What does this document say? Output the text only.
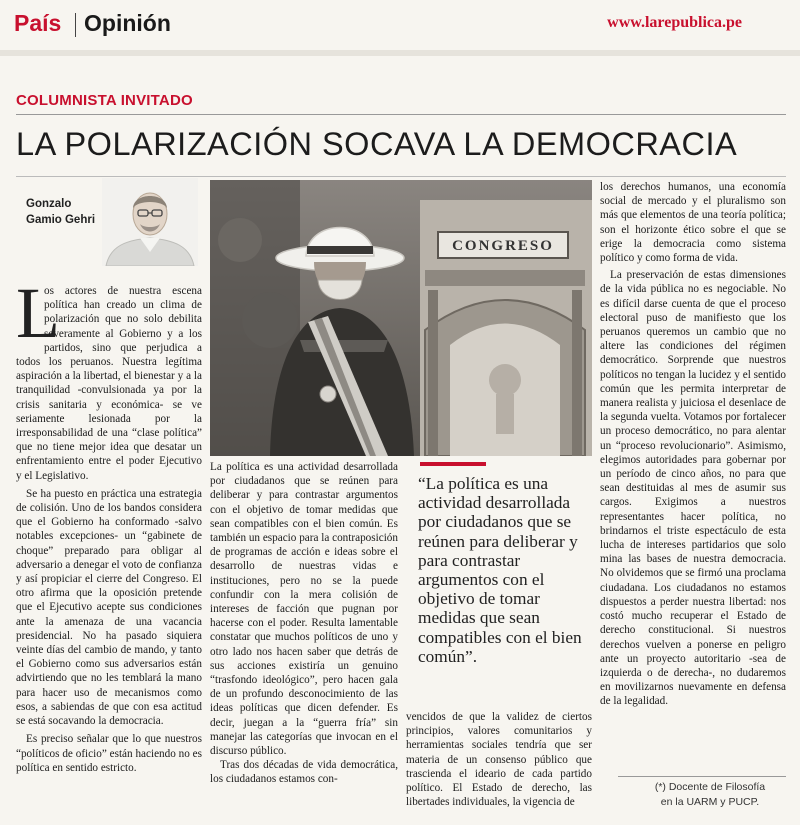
País Opinión	www.larepublica.pe
COLUMNISTA INVITADO
LA POLARIZACIÓN SOCAVA LA DEMOCRACIA
Gonzalo
Gamio Gehri
CONGRESO

L
os actores de nuestra escena política han creado un clima de polarización que no solo debilita severamente al Gobierno y a los partidos, sino que perjudica a todos los peruanos. Nuestra legítima aspiración a la libertad, el bienestar y a la tranquilidad -convulsionada ya por la crisis sanitaria y económica- se ve seriamente lesionada por la irresponsabilidad de una “clase política” que no tiene mejor idea que desatar un enfrentamiento entre el poder Ejecutivo y el Legislativo.

Se ha puesto en práctica una estrategia de colisión. Uno de los bandos considera que el Gobierno ha conformado -salvo notables excepciones- un “gabinete de choque” preparado para obligar al adversario a denegar el voto de confianza y así propiciar el cierre del Congreso. El otro afirma que la oposición pretende que el Ejecutivo acepte sus condiciones ante la amenaza de una vacancia presidencial. No ha pasado siquiera veinte días del cambio de mando, y tanto el Gobierno como sus adversarios están advirtiendo que no les temblará la mano para hacer uso de mecanismos como esos, a sabiendas de que con esa actitud se está socavando la democracia.

Es preciso señalar que lo que nuestros “políticos de oficio” están haciendo no es política en sentido estricto.

La política es una actividad desarrollada por ciudadanos que se reúnen para deliberar y para contrastar argumentos con el objetivo de tomar medidas que sean compatibles con el bien común. Es también un espacio para la contraposición de programas de acción e ideas sobre el desarrollo de nuestras vidas e instituciones, pero no se la puede confundir con la mera colisión de intereses de facción que pugnan por hacerse con el poder. Resulta lamentable constatar que muchos políticos de uno y otro lado nos hacen saber que detrás de sus acciones existiría un genuino “trasfondo ideológico”, pero hacen gala de un profundo desconocimiento de las ideas políticas que dicen defender. Es decir, juegan a la “guerra fría” sin manejar las categorías que invocan en el discurso público.

Tras dos décadas de vida democrática, los ciudadanos estamos con-

“La política es una actividad desarrollada por ciudadanos que se reúnen para deliberar y para contrastar argumentos con el objetivo de tomar medidas que sean compatibles con el bien común”.

vencidos de que la validez de ciertos principios, valores comunitarios y herramientas sociales tendría que ser materia de un consenso público que trascienda el ideario de cada partido político. El Estado de derecho, las libertades individuales, la vigencia de

los derechos humanos, una economía social de mercado y el pluralismo son más que elementos de una teoría política; son el horizonte ético sobre el que se erige la democracia como sistema político y como forma de vida.

La preservación de estas dimensiones de la vida pública no es negociable. No es difícil darse cuenta de que el proceso electoral puso de manifiesto que los peruanos queremos un cambio que no altere las condiciones del régimen democrático. Sorprende que nuestros políticos no tengan la lucidez y el sentido común que les permita interpretar de manera realista y juiciosa el desenlace de la segunda vuelta. Votamos por fortalecer un proceso democrático, no para alentar un “proceso revolucionario”. Asimismo, elegimos autoridades para gobernar por un período de cinco años, no para que sean destituidas al mes de asumir sus cargos. Exigimos a nuestros representantes hacer política, no brindarnos el triste espectáculo de esta lucha de intereses partidarios que solo mina las bases de nuestra democracia. No olvidemos que se firmó una proclama ciudadana. Los ciudadanos no estamos dispuestos a perder nuestra libertad: nos costó mucho recuperar el Estado de derecho constitucional. Si nuestros derechos vuelven a ponerse en peligro ante un proyecto autoritario -sea de izquierda o de derecha-, no dudaremos en movilizarnos nuevamente en defensa de la legalidad.

(*) Docente de Filosofía
en la UARM y PUCP.
